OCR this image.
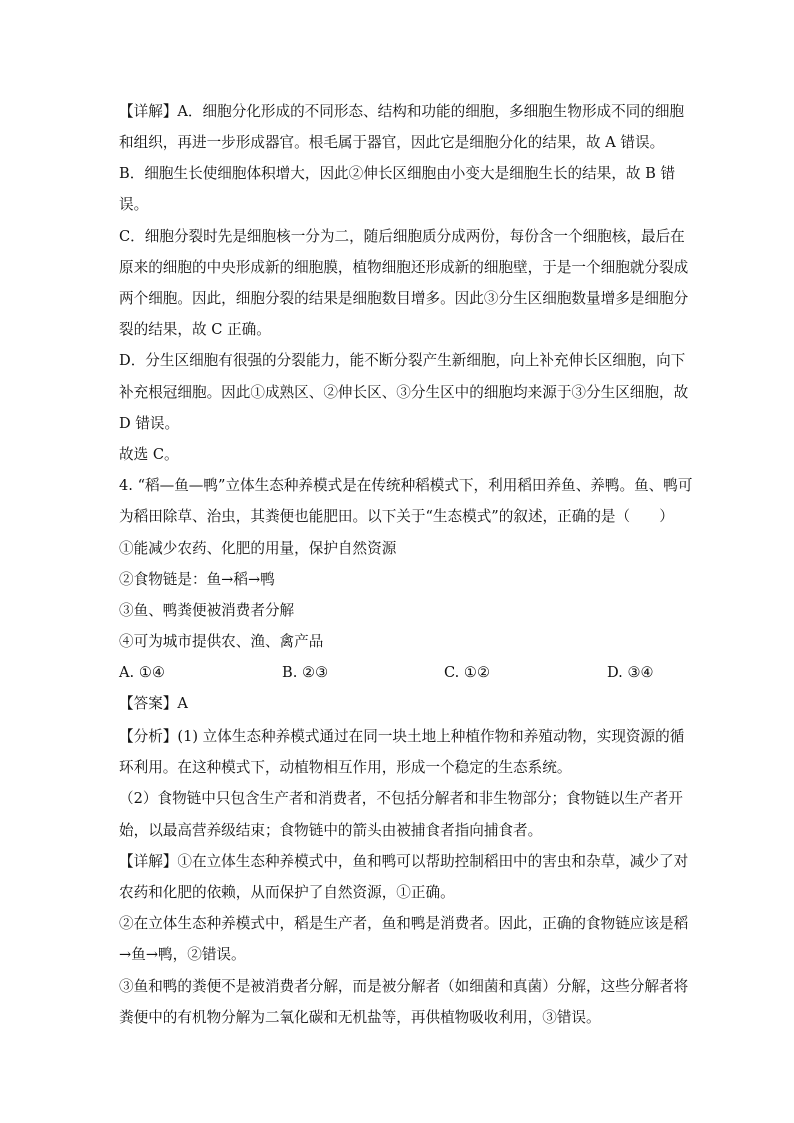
【详解】A．细胞分化形成的不同形态、结构和功能的细胞，多细胞生物形成不同的细胞
和组织，再进一步形成器官。根毛属于器官，因此它是细胞分化的结果，故 A 错误。
B．细胞生长使细胞体积增大，因此②伸长区细胞由小变大是细胞生长的结果，故 B 错
误。
C．细胞分裂时先是细胞核一分为二，随后细胞质分成两份，每份含一个细胞核，最后在
原来的细胞的中央形成新的细胞膜，植物细胞还形成新的细胞壁，于是一个细胞就分裂成
两个细胞。因此，细胞分裂的结果是细胞数目增多。因此③分生区细胞数量增多是细胞分
裂的结果，故 C 正确。
D．分生区细胞有很强的分裂能力，能不断分裂产生新细胞，向上补充伸长区细胞，向下
补充根冠细胞。因此①成熟区、②伸长区、③分生区中的细胞均来源于③分生区细胞，故
D 错误。
故选 C。
4. “稻—鱼—鸭”立体生态种养模式是在传统种稻模式下，利用稻田养鱼、养鸭。鱼、鸭可
为稻田除草、治虫，其粪便也能肥田。以下关于“生态模式”的叙述，正确的是（　　）
①能减少农药、化肥的用量，保护自然资源
②食物链是：鱼→稻→鸭
③鱼、鸭粪便被消费者分解
④可为城市提供农、渔、禽产品
A. ①④	B. ②③	C. ①②	D. ③④
【答案】A
【分析】(1) 立体生态种养模式通过在同一块土地上种植作物和养殖动物，实现资源的循
环利用。在这种模式下，动植物相互作用，形成一个稳定的生态系统。
（2）食物链中只包含生产者和消费者，不包括分解者和非生物部分；食物链以生产者开
始，以最高营养级结束；食物链中的箭头由被捕食者指向捕食者。
【详解】①在立体生态种养模式中，鱼和鸭可以帮助控制稻田中的害虫和杂草，减少了对
农药和化肥的依赖，从而保护了自然资源，①正确。
②在立体生态种养模式中，稻是生产者，鱼和鸭是消费者。因此，正确的食物链应该是稻
→鱼→鸭，②错误。
③鱼和鸭的粪便不是被消费者分解，而是被分解者（如细菌和真菌）分解，这些分解者将
粪便中的有机物分解为二氧化碳和无机盐等，再供植物吸收利用，③错误。
